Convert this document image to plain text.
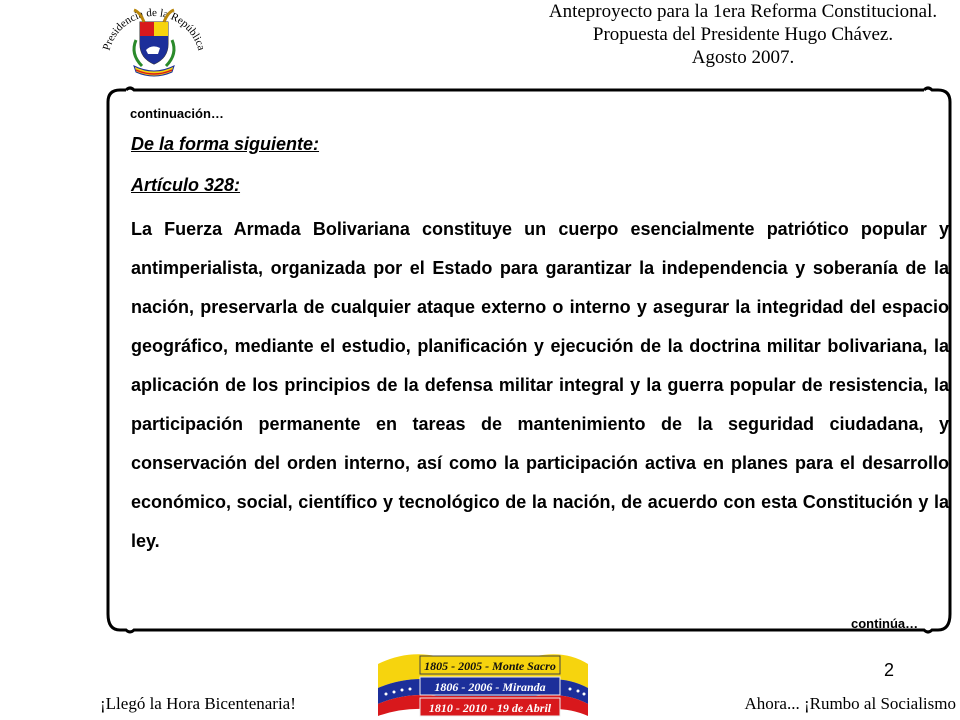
Presidencia de la República
Anteproyecto para la 1era Reforma Constitucional.
Propuesta del Presidente Hugo Chávez.
Agosto 2007.
continuación…
De la forma siguiente:
Artículo 328:
La Fuerza Armada Bolivariana constituye un cuerpo esencialmente patriótico popular y antimperialista, organizada por el Estado para garantizar la independencia y soberanía de la nación, preservarla de cualquier ataque externo o interno y asegurar la integridad del espacio geográfico, mediante el estudio, planificación y ejecución de la doctrina militar bolivariana, la aplicación de los principios de la defensa militar integral y la guerra popular de resistencia, la participación permanente en tareas de mantenimiento de la seguridad ciudadana, y conservación del orden interno, así como la participación activa en planes para el desarrollo económico, social, científico y tecnológico de la nación, de acuerdo con esta Constitución y la ley.
continúa…
2
1805 - 2005 - Monte Sacro
1806 - 2006 - Miranda
1810 - 2010 - 19 de Abril
¡Llegó la Hora Bicentenaria!	Ahora... ¡Rumbo al Socialismo
